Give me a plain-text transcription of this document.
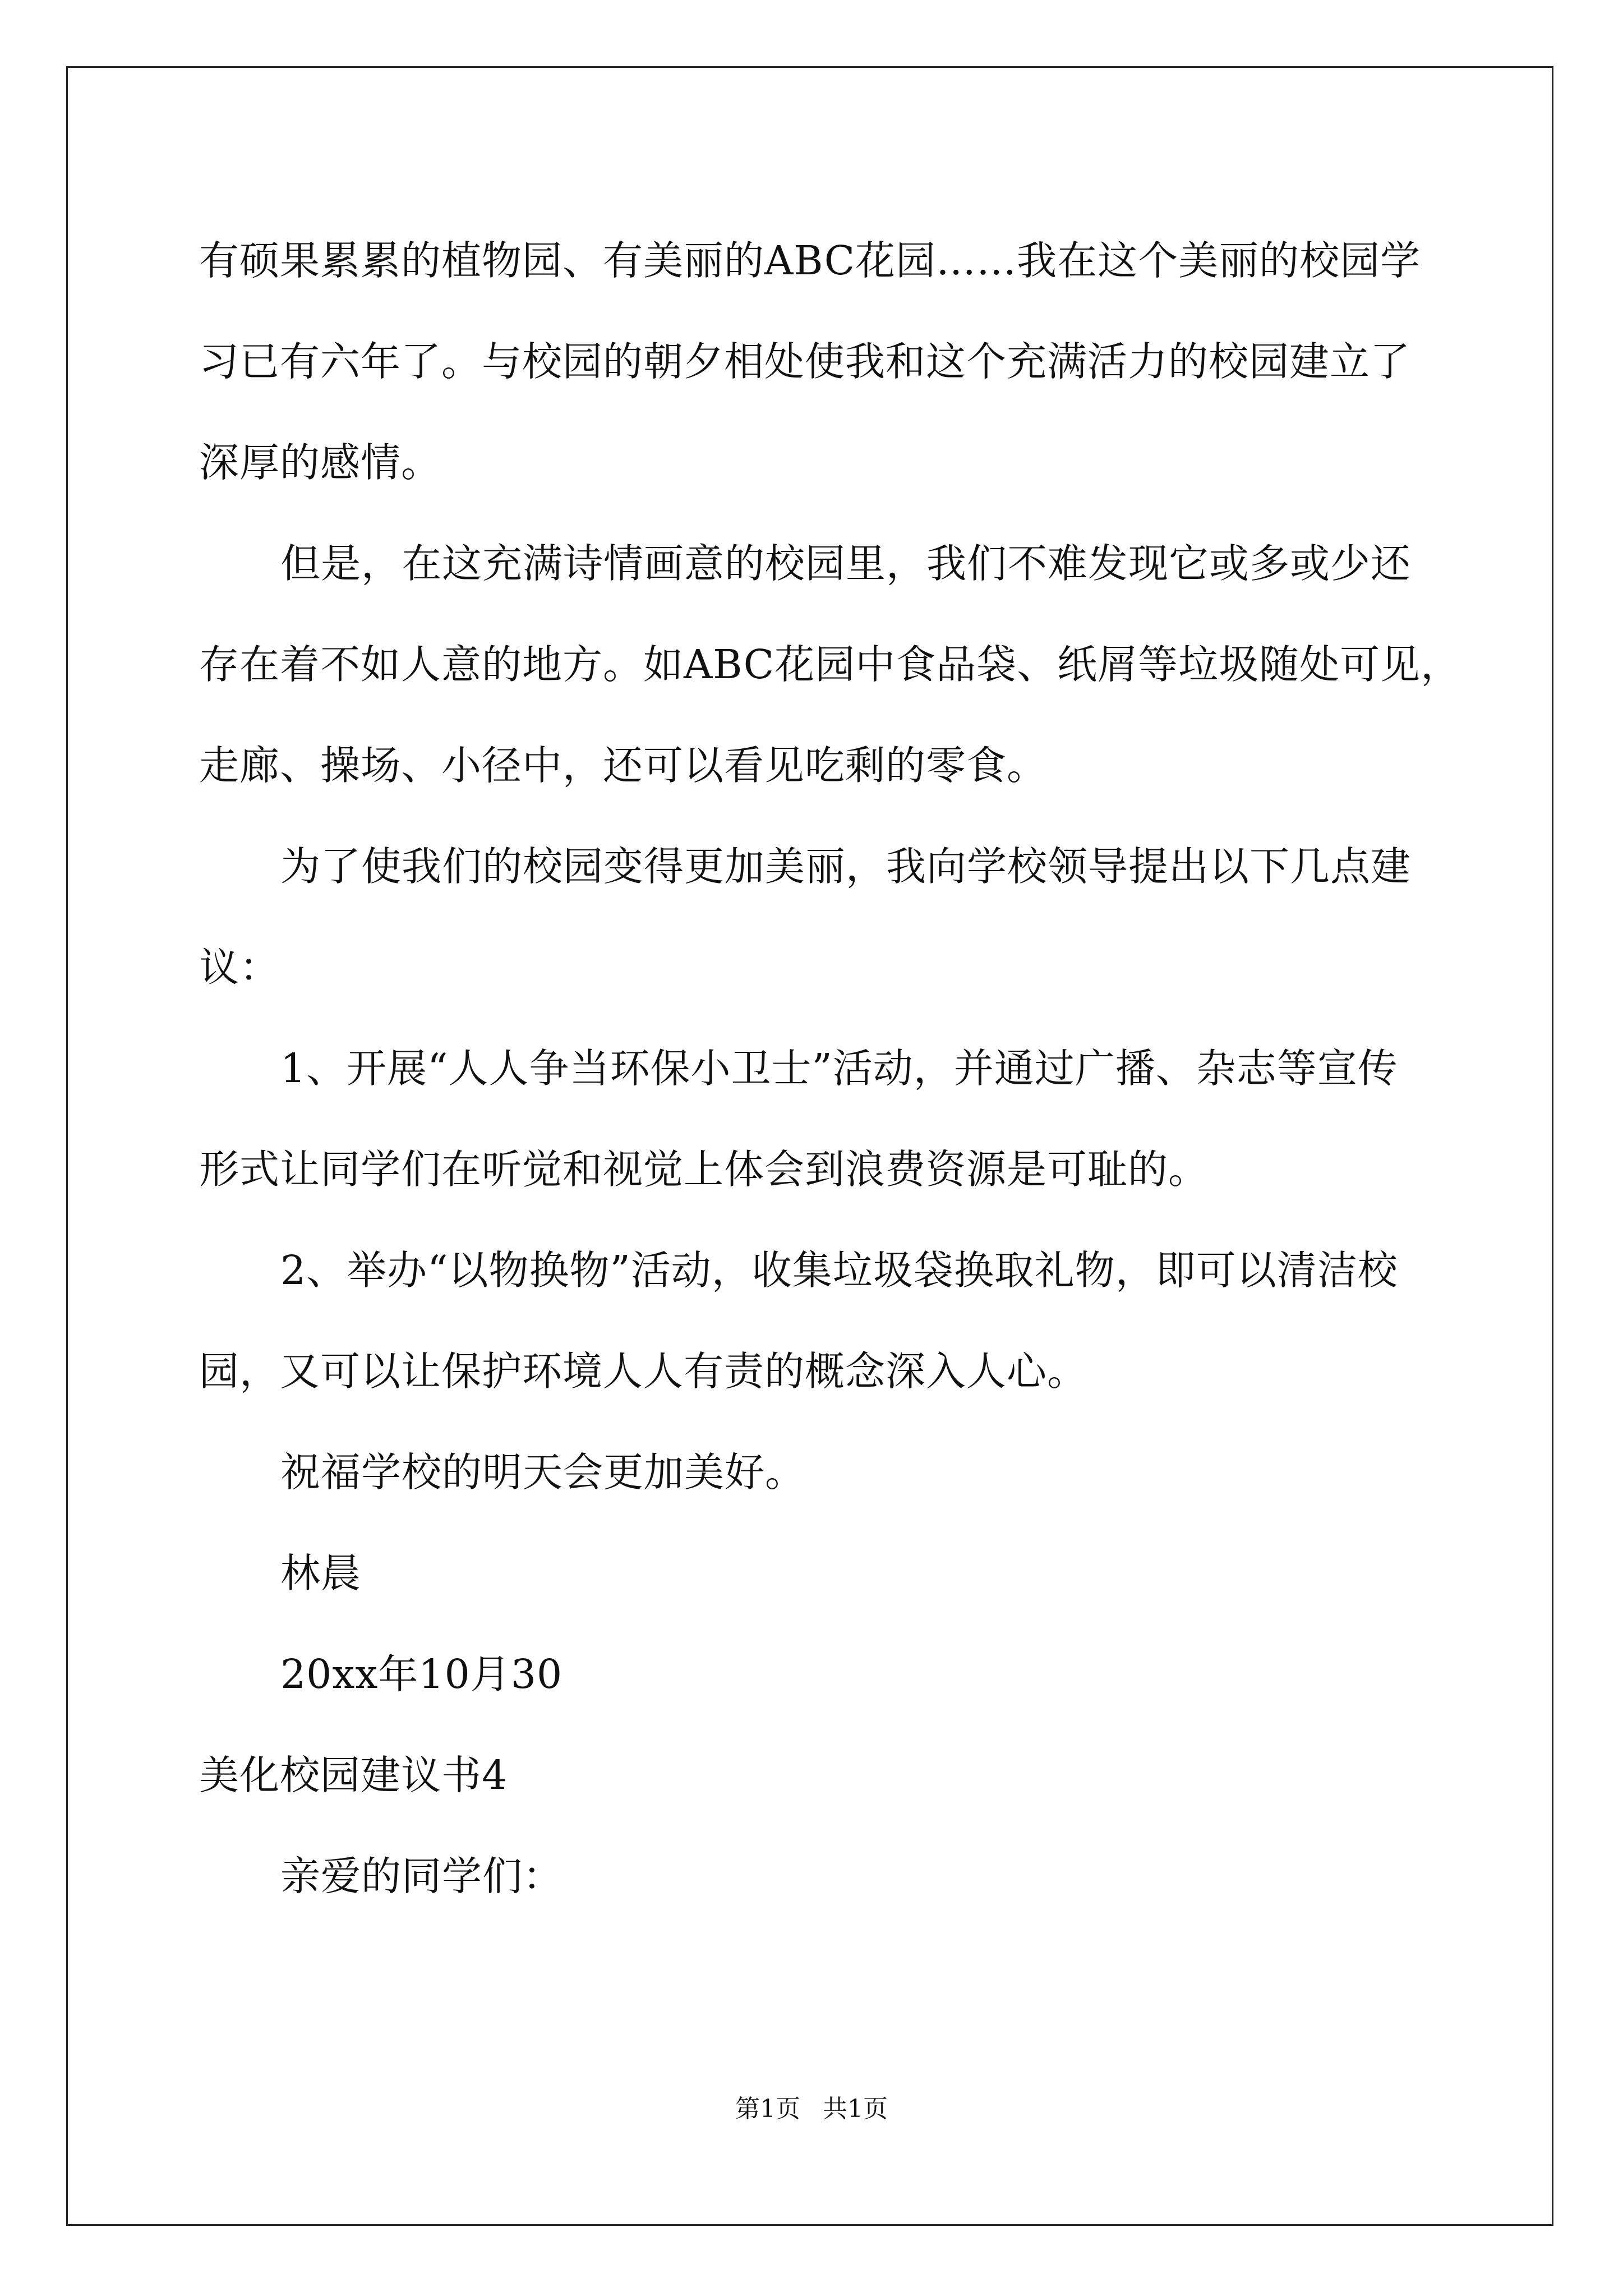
有硕果累累的植物园、有美丽的ABC花园……我在这个美丽的校园学
习已有六年了。与校园的朝夕相处使我和这个充满活力的校园建立了
深厚的感情。
但是，在这充满诗情画意的校园里，我们不难发现它或多或少还
存在着不如人意的地方。如ABC花园中食品袋、纸屑等垃圾随处可见，
走廊、操场、小径中，还可以看见吃剩的零食。
为了使我们的校园变得更加美丽，我向学校领导提出以下几点建
议：
1、开展“人人争当环保小卫士”活动，并通过广播、杂志等宣传
形式让同学们在听觉和视觉上体会到浪费资源是可耻的。
2、举办“以物换物”活动，收集垃圾袋换取礼物，即可以清洁校
园，又可以让保护环境人人有责的概念深入人心。
祝福学校的明天会更加美好。
林晨
20xx年10月30
美化校园建议书4
亲爱的同学们：
第1页 共1页
